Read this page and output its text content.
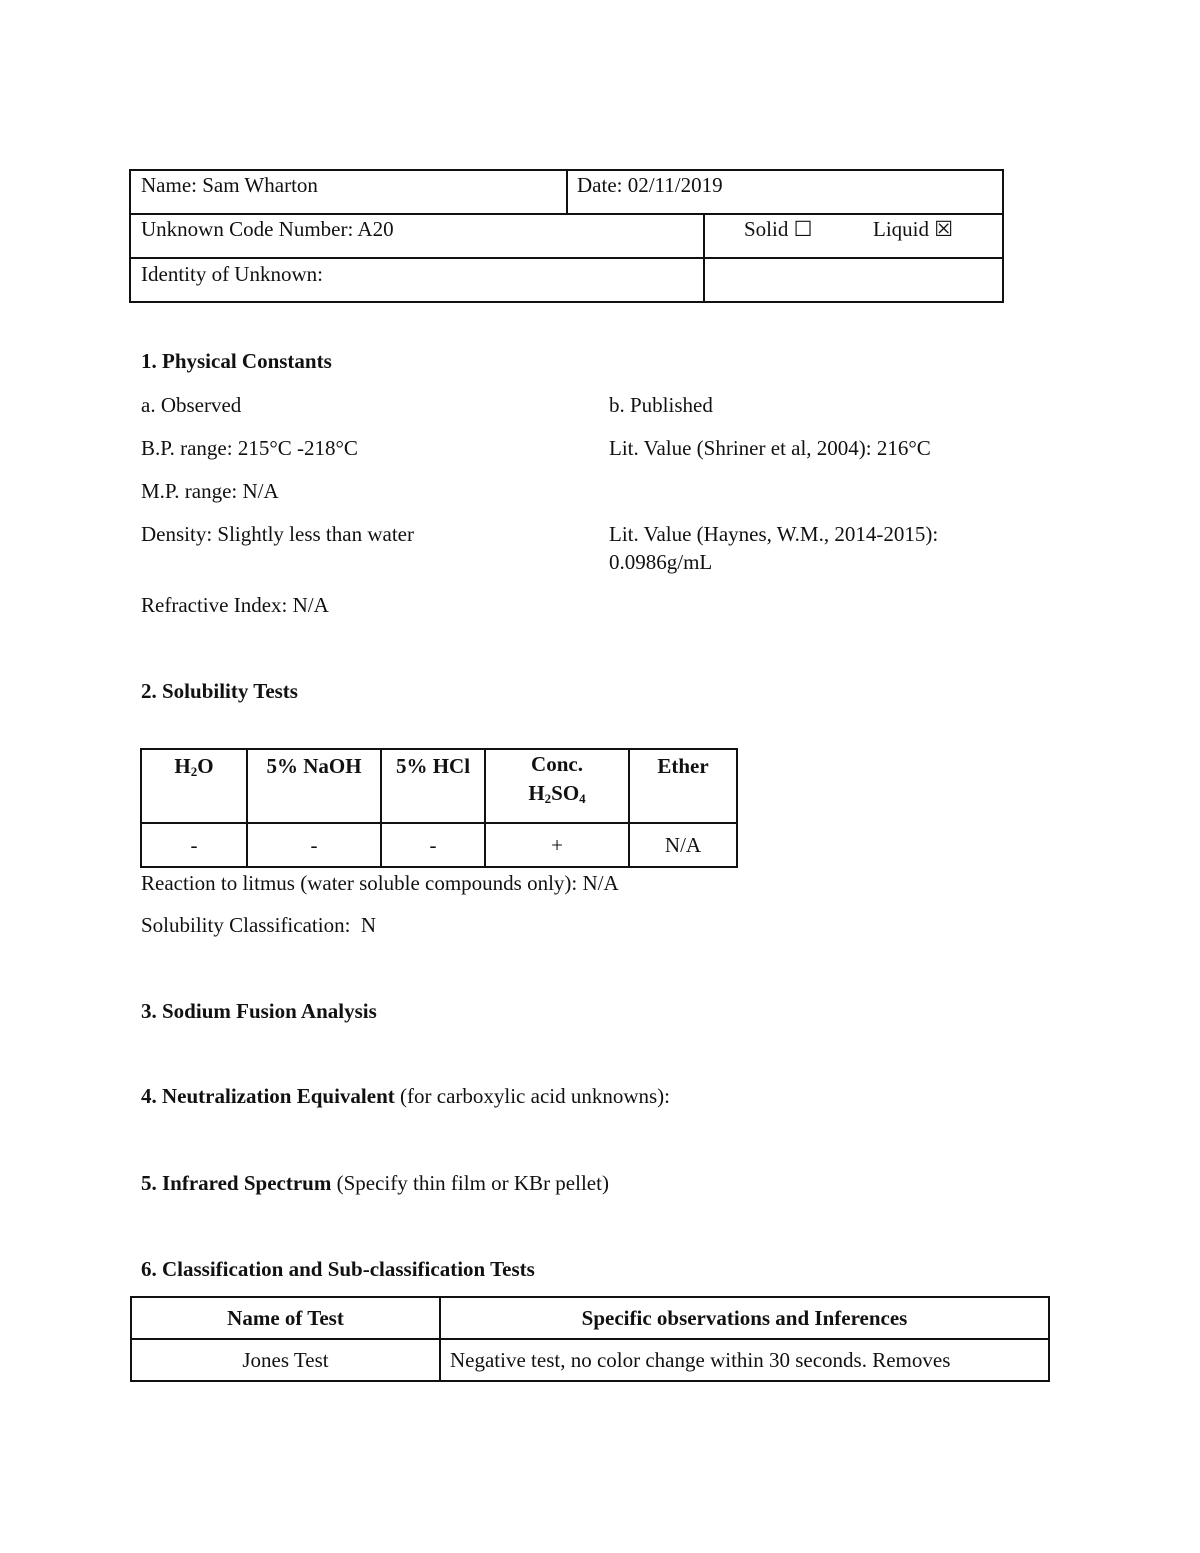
Name: Sam Wharton	Date: 02/11/2019
Unknown Code Number: A20	Solid ☐	Liquid ☒
Identity of Unknown:
1. Physical Constants
a. Observed	b. Published
B.P. range: 215°C -218°C	Lit. Value (Shriner et al, 2004): 216°C
M.P. range: N/A
Density: Slightly less than water	Lit. Value (Haynes, W.M., 2014-2015):
0.0986g/mL
Refractive Index: N/A
2. Solubility Tests
$H_2O$	5% NaOH	5% HCl	Conc.
$H_2SO_4$	Ether
-	-	-	+	N/A
Reaction to litmus (water soluble compounds only): N/A
Solubility Classification:  N
3. Sodium Fusion Analysis
4. Neutralization Equivalent (for carboxylic acid unknowns):
5. Infrared Spectrum (Specify thin film or KBr pellet)
6. Classification and Sub-classification Tests
Name of Test	Specific observations and Inferences
Jones Test	Negative test, no color change within 30 seconds. Removes
